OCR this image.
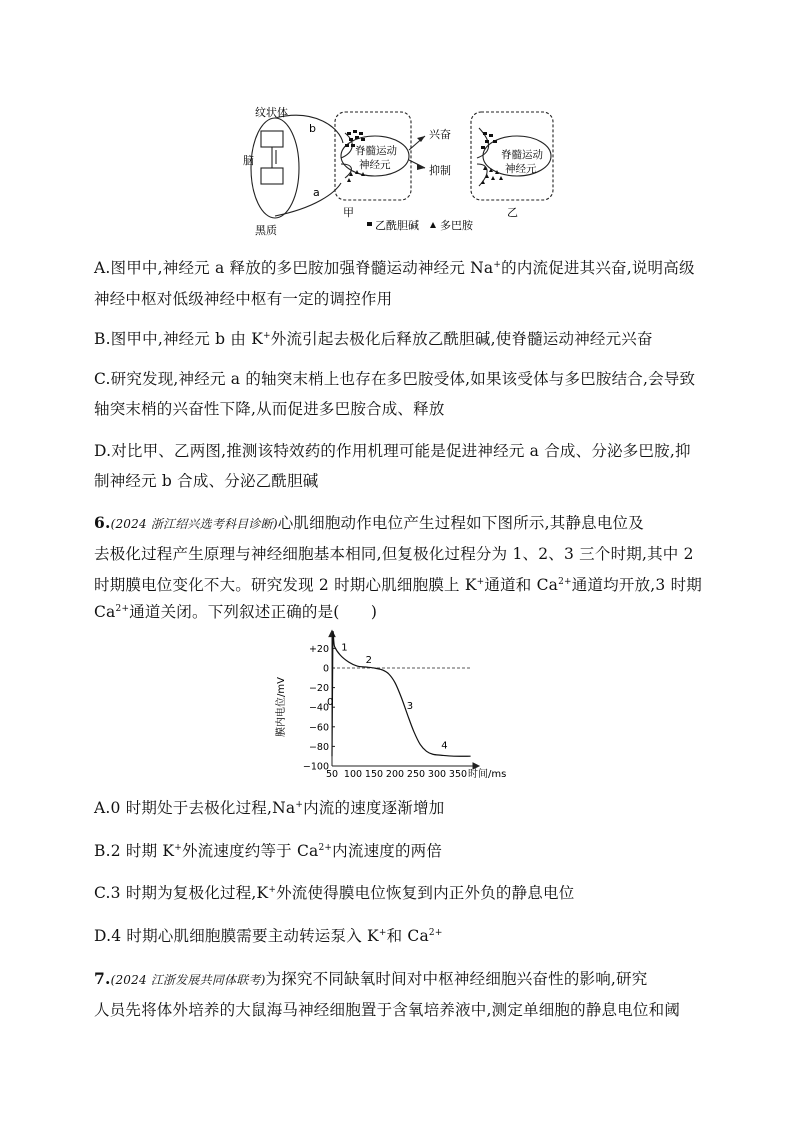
纹状体
脑
黑质
b
a
脊髓运动
神经元
脊髓运动
神经元
兴奋
抑制
甲	乙
乙酰胆碱 多巴胺
A.图甲中,神经元 a 释放的多巴胺加强脊髓运动神经元 Na+的内流促进其兴奋,说明高级
神经中枢对低级神经中枢有一定的调控作用
B.图甲中,神经元 b 由 K+外流引起去极化后释放乙酰胆碱,使脊髓运动神经元兴奋
C.研究发现,神经元 a 的轴突末梢上也存在多巴胺受体,如果该受体与多巴胺结合,会导致
轴突末梢的兴奋性下降,从而促进多巴胺合成、释放
D.对比甲、乙两图,推测该特效药的作用机理可能是促进神经元 a 合成、分泌多巴胺,抑
制神经元 b 合成、分泌乙酰胆碱
6.(2024 浙江绍兴选考科目诊断)心肌细胞动作电位产生过程如下图所示,其静息电位及
去极化过程产生原理与神经细胞基本相同,但复极化过程分为 1、2、3 三个时期,其中 2
时期膜电位变化不大。研究发现 2 时期心肌细胞膜上 K+通道和 $Ca^{2+}$通道均开放,3 时期
$Ca^{2+}$通道关闭。下列叙述正确的是(　　)
+20
0
−20
−40
−60
−80
−100
50 100 150 200 250 300 350
0
1
2
3
4
膜内电位/mV
时间/ms
A.0 时期处于去极化过程,Na+内流的速度逐渐增加
B.2 时期 K+外流速度约等于 $Ca^{2+}$内流速度的两倍
C.3 时期为复极化过程,K+外流使得膜电位恢复到内正外负的静息电位
D.4 时期心肌细胞膜需要主动转运泵入 K+和 $Ca^{2+}$
7.(2024 江浙发展共同体联考)为探究不同缺氧时间对中枢神经细胞兴奋性的影响,研究
人员先将体外培养的大鼠海马神经细胞置于含氧培养液中,测定单细胞的静息电位和阈
